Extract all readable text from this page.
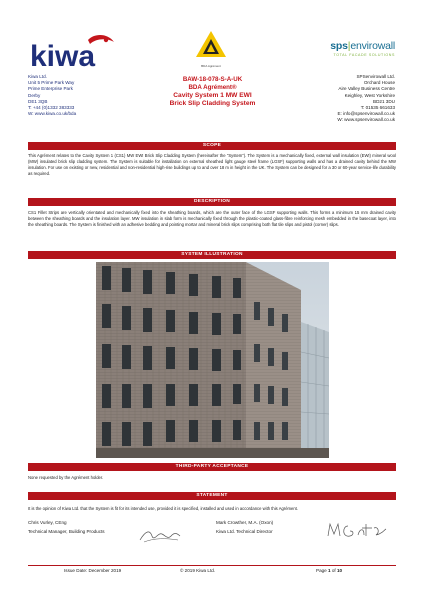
kiwa	BDA Agrément
sps|envirowall
TOTAL FACADE SOLUTIONS
Kiwa Ltd.
Unit 5 Prime Park Way
Prime Enterprise Park
Derby
DE1 3QB
T: +44 (0)1332 383333
W: www.kiwa.co.uk/bda
BAW-18-078-S-A-UK
BDA Agrément®
Cavity System 1 MW EWI
Brick Slip Cladding System
SPSenvirowall Ltd.
Orchard House
Aire Valley Business Centre
Keighley, West Yorkshire
BD21 3DU
T: 01535 661633
E: info@spsenvirowall.co.uk
W: www.spsenvirowall.co.uk
SCOPE
This Agrément relates to the Cavity System 1 (CS1) MW EWI Brick Slip Cladding System (hereinafter the “System”). The System is a mechanically fixed, external wall insulation (EWI) mineral wool (MW) insulated brick slip cladding system. The System is suitable for installation on external sheathed light gauge steel frame (LGSF) supporting walls and has a drained cavity behind the MW insulation. For use on existing or new, residential and non-residential high-rise buildings up to and over 18 m in height in the UK. The System can be designed for a 30 or 60-year service-life durability as required.
DESCRIPTION
CS1 Fillet Strips are vertically orientated and mechanically fixed into the sheathing boards, which are the outer face of the LGSF supporting walls. This forms a minimum 15 mm drained cavity between the sheathing boards and the insulation layer. MW insulation in slab form is mechanically fixed through the plastic-coated glass-fibre reinforcing mesh embedded in the basecoat layer, into the sheathing boards. The System is finished with an adhesive bedding and pointing mortar and mineral brick slips comprising both flat tile slips and pistol (corner) slips.
SYSTEM ILLUSTRATION
THIRD-PARTY ACCEPTANCE
None requested by the Agrément holder.
STATEMENT
It is the opinion of Kiwa Ltd. that the System is fit for its intended use, provided it is specified, installed and used in accordance with this Agrément.
Chris Vurley, CEng
Technical Manager, Building Products
Mark Crowther, M.A. (Oxon)
Kiwa Ltd. Technical Director
Issue Date: December 2019	© 2019 Kiwa Ltd.	Page 1 of 10
